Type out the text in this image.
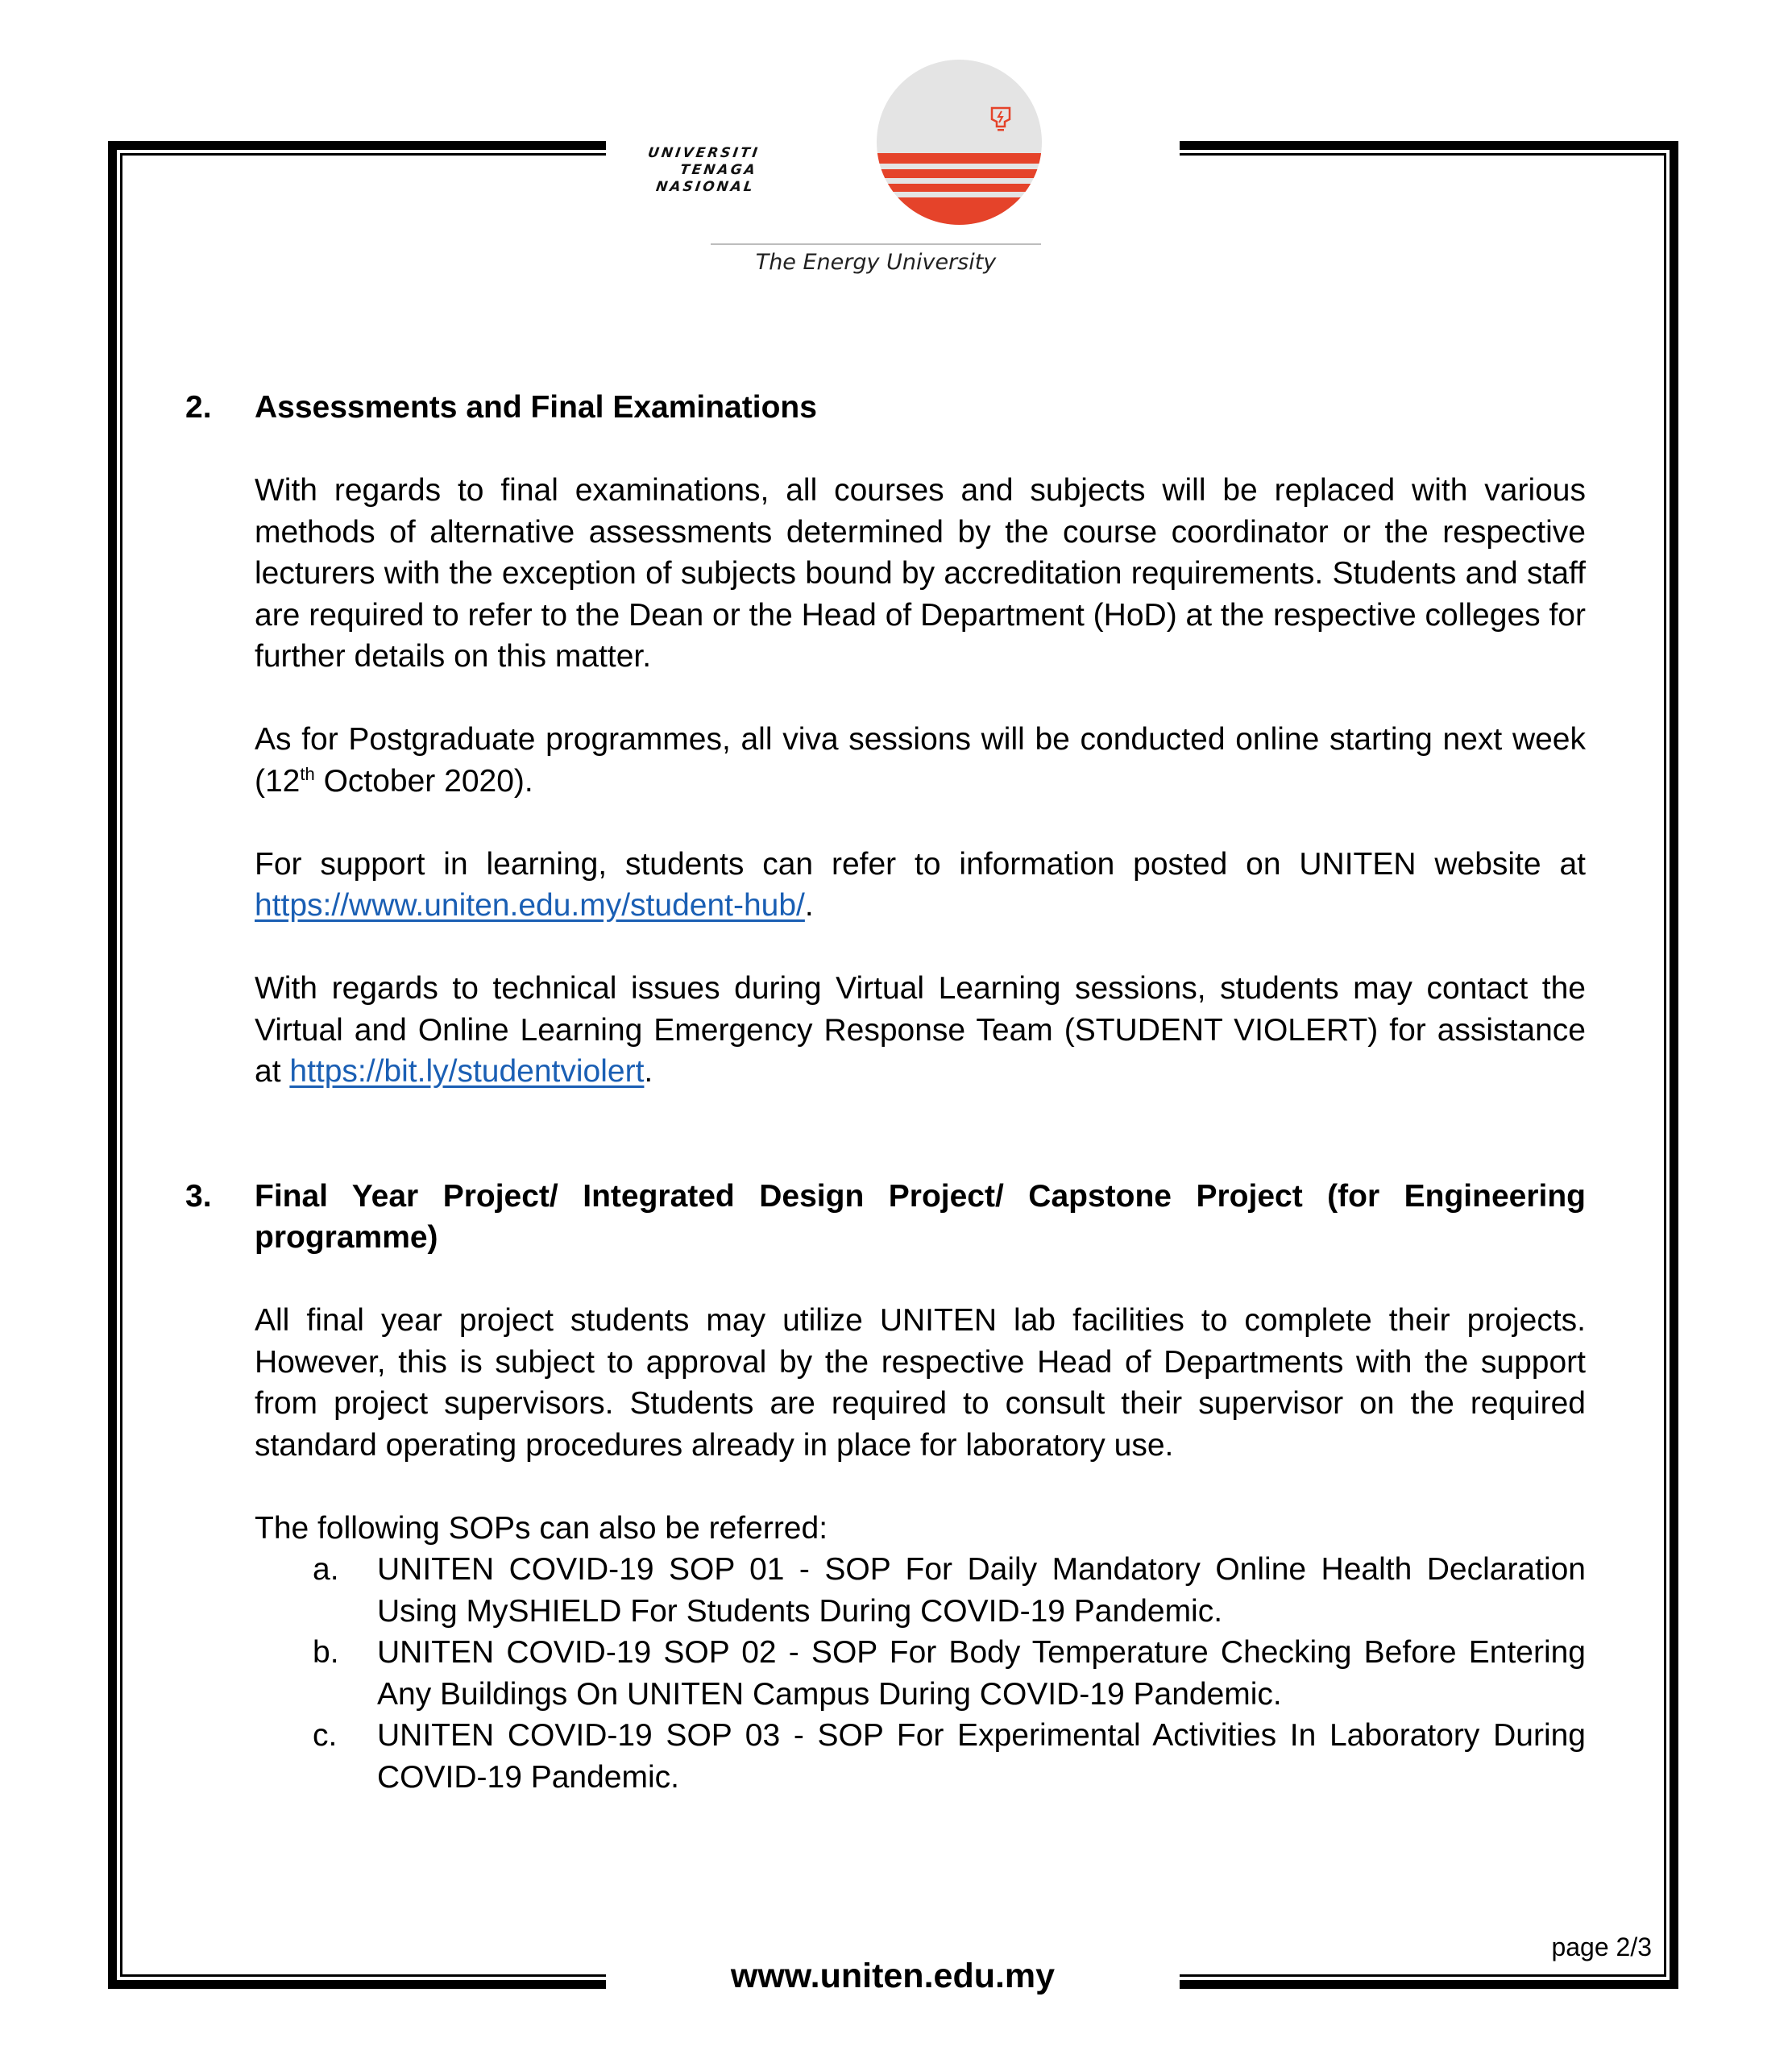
UNIVERSITI
TENAGA
NASIONAL
The Energy University
2.	Assessments and Final Examinations

With regards to final examinations, all courses and subjects will be replaced with various methods of alternative assessments determined by the course coordinator or the respective lecturers with the exception of subjects bound by accreditation requirements. Students and staff are required to refer to the Dean or the Head of Department (HoD) at the respective colleges for further details on this matter.

As for Postgraduate programmes, all viva sessions will be conducted online starting next week (12th October 2020).

For support in learning, students can refer to information posted on UNITEN website at https://www.uniten.edu.my/student-hub/.

With regards to technical issues during Virtual Learning sessions, students may contact the Virtual and Online Learning Emergency Response Team (STUDENT VIOLERT) for assistance at https://bit.ly/studentviolert.

3.	Final Year Project/ Integrated Design Project/ Capstone Project (for Engineering programme)

All final year project students may utilize UNITEN lab facilities to complete their projects. However, this is subject to approval by the respective Head of Departments with the support from project supervisors. Students are required to consult their supervisor on the required standard operating procedures already in place for laboratory use.

The following SOPs can also be referred:

a.	UNITEN COVID-19 SOP 01 - SOP For Daily Mandatory Online Health Declaration Using MySHIELD For Students During COVID-19 Pandemic.
b.	UNITEN COVID-19 SOP 02 - SOP For Body Temperature Checking Before Entering Any Buildings On UNITEN Campus During COVID-19 Pandemic.
c.	UNITEN COVID-19 SOP 03 - SOP For Experimental Activities In Laboratory During COVID-19 Pandemic.
page 2/3
www.uniten.edu.my
